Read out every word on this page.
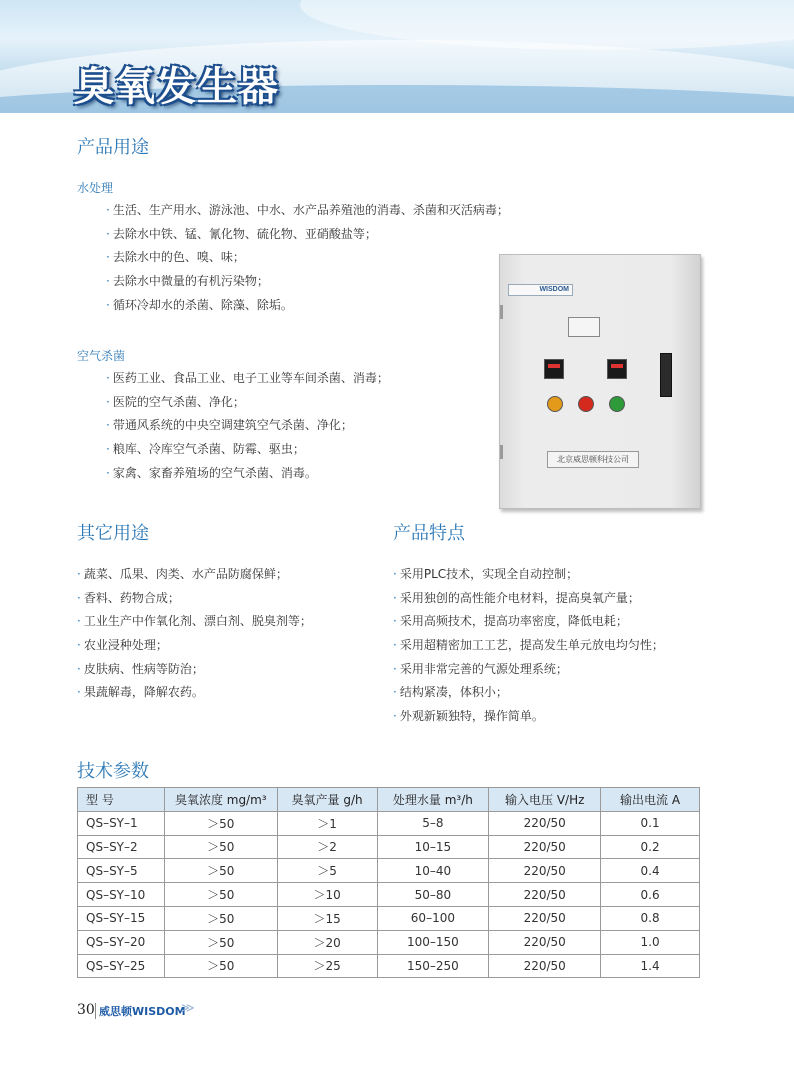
臭氧发生器
产品用途
水处理
· 生活、生产用水、游泳池、中水、水产品养殖池的消毒、杀菌和灭活病毒；
· 去除水中铁、锰、氰化物、硫化物、亚硝酸盐等；
· 去除水中的色、嗅、味；
· 去除水中微量的有机污染物；
· 循环冷却水的杀菌、除藻、除垢。
空气杀菌
· 医药工业、食品工业、电子工业等车间杀菌、消毒；
· 医院的空气杀菌、净化；
· 带通风系统的中央空调建筑空气杀菌、净化；
· 粮库、冷库空气杀菌、防霉、驱虫；
· 家禽、家畜养殖场的空气杀菌、消毒。
WISDOM
北京威思顿科技公司
其它用途
· 蔬菜、瓜果、肉类、水产品防腐保鲜；
· 香料、药物合成；
· 工业生产中作氧化剂、漂白剂、脱臭剂等；
· 农业浸种处理；
· 皮肤病、性病等防治；
· 果蔬解毒，降解农药。
产品特点
· 采用PLC技术，实现全自动控制；
· 采用独创的高性能介电材料，提高臭氧产量；
· 采用高频技术，提高功率密度，降低电耗；
· 采用超精密加工工艺，提高发生单元放电均匀性；
· 采用非常完善的气源处理系统；
· 结构紧凑，体积小；
· 外观新颖独特，操作简单。
技术参数
型 号	臭氧浓度 mg/m³	臭氧产量 g/h	处理水量 m³/h	输入电压 V/Hz	输出电流 A
QS–SY–1	＞50	＞1	5–8	220/50	0.1
QS–SY–2	＞50	＞2	10–15	220/50	0.2
QS–SY–5	＞50	＞5	10–40	220/50	0.4
QS–SY–10	＞50	＞10	50–80	220/50	0.6
QS–SY–15	＞50	＞15	60–100	220/50	0.8
QS–SY–20	＞50	＞20	100–150	220/50	1.0
QS–SY–25	＞50	＞25	150–250	220/50	1.4
30 威思顿WISDOM
≫
